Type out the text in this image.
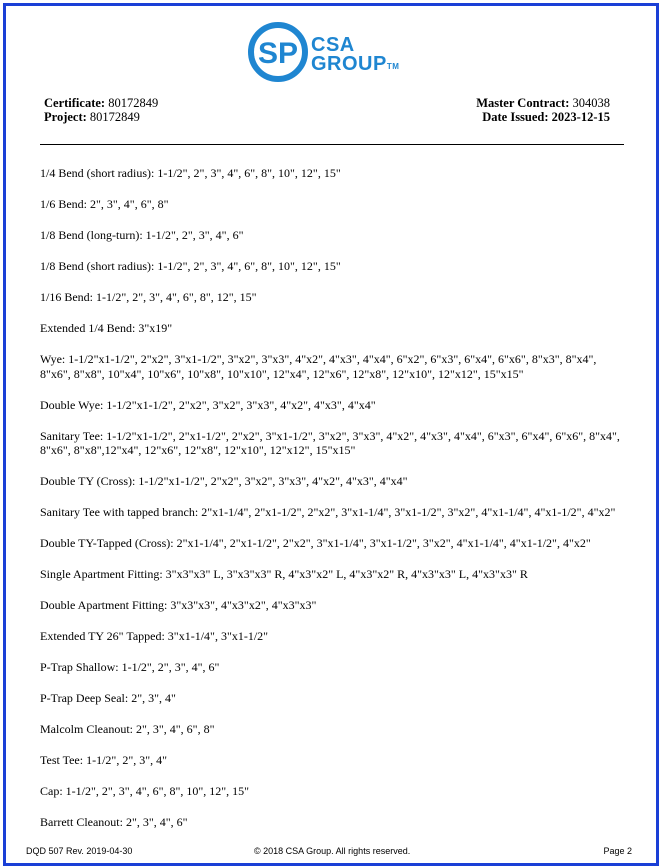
SP CSA
GROUP™
Certificate: 80172849
Project: 80172849
Master Contract: 304038
Date Issued: 2023-12-15
1/4 Bend (short radius): 1-1/2", 2", 3", 4", 6", 8", 10", 12", 15"
1/6 Bend: 2", 3", 4", 6", 8"
1/8 Bend (long-turn): 1-1/2", 2", 3", 4", 6"
1/8 Bend (short radius): 1-1/2", 2", 3", 4", 6", 8", 10", 12", 15"
1/16 Bend: 1-1/2", 2", 3", 4", 6", 8", 12", 15"
Extended 1/4 Bend: 3"x19"
Wye: 1-1/2"x1-1/2", 2"x2", 3"x1-1/2", 3"x2", 3"x3", 4"x2", 4"x3", 4"x4", 6"x2", 6"x3", 6"x4", 6"x6", 8"x3", 8"x4", 8"x6", 8"x8", 10"x4", 10"x6", 10"x8", 10"x10", 12"x4", 12"x6", 12"x8", 12"x10", 12"x12", 15"x15"
Double Wye: 1-1/2"x1-1/2", 2"x2", 3"x2", 3"x3", 4"x2", 4"x3", 4"x4"
Sanitary Tee: 1-1/2"x1-1/2", 2"x1-1/2", 2"x2", 3"x1-1/2", 3"x2", 3"x3", 4"x2", 4"x3", 4"x4", 6"x3", 6"x4", 6"x6", 8"x4", 8"x6", 8"x8",12"x4", 12"x6", 12"x8", 12"x10", 12"x12", 15"x15"
Double TY (Cross): 1-1/2"x1-1/2", 2"x2", 3"x2", 3"x3", 4"x2", 4"x3", 4"x4"
Sanitary Tee with tapped branch: 2"x1-1/4", 2"x1-1/2", 2"x2", 3"x1-1/4", 3"x1-1/2", 3"x2", 4"x1-1/4", 4"x1-1/2", 4"x2"
Double TY-Tapped (Cross): 2"x1-1/4", 2"x1-1/2", 2"x2", 3"x1-1/4", 3"x1-1/2", 3"x2", 4"x1-1/4", 4"x1-1/2", 4"x2"
Single Apartment Fitting: 3"x3"x3" L, 3"x3"x3" R, 4"x3"x2" L, 4"x3"x2" R, 4"x3"x3" L, 4"x3"x3" R
Double Apartment Fitting: 3"x3"x3", 4"x3"x2", 4"x3"x3"
Extended TY 26" Tapped: 3"x1-1/4", 3"x1-1/2"
P-Trap Shallow: 1-1/2", 2", 3", 4", 6"
P-Trap Deep Seal: 2", 3", 4"
Malcolm Cleanout: 2", 3", 4", 6", 8"
Test Tee: 1-1/2", 2", 3", 4"
Cap: 1-1/2", 2", 3", 4", 6", 8", 10", 12", 15"
Barrett Cleanout: 2", 3", 4", 6"
DQD 507 Rev. 2019-04-30	© 2018 CSA Group. All rights reserved.	Page 2
